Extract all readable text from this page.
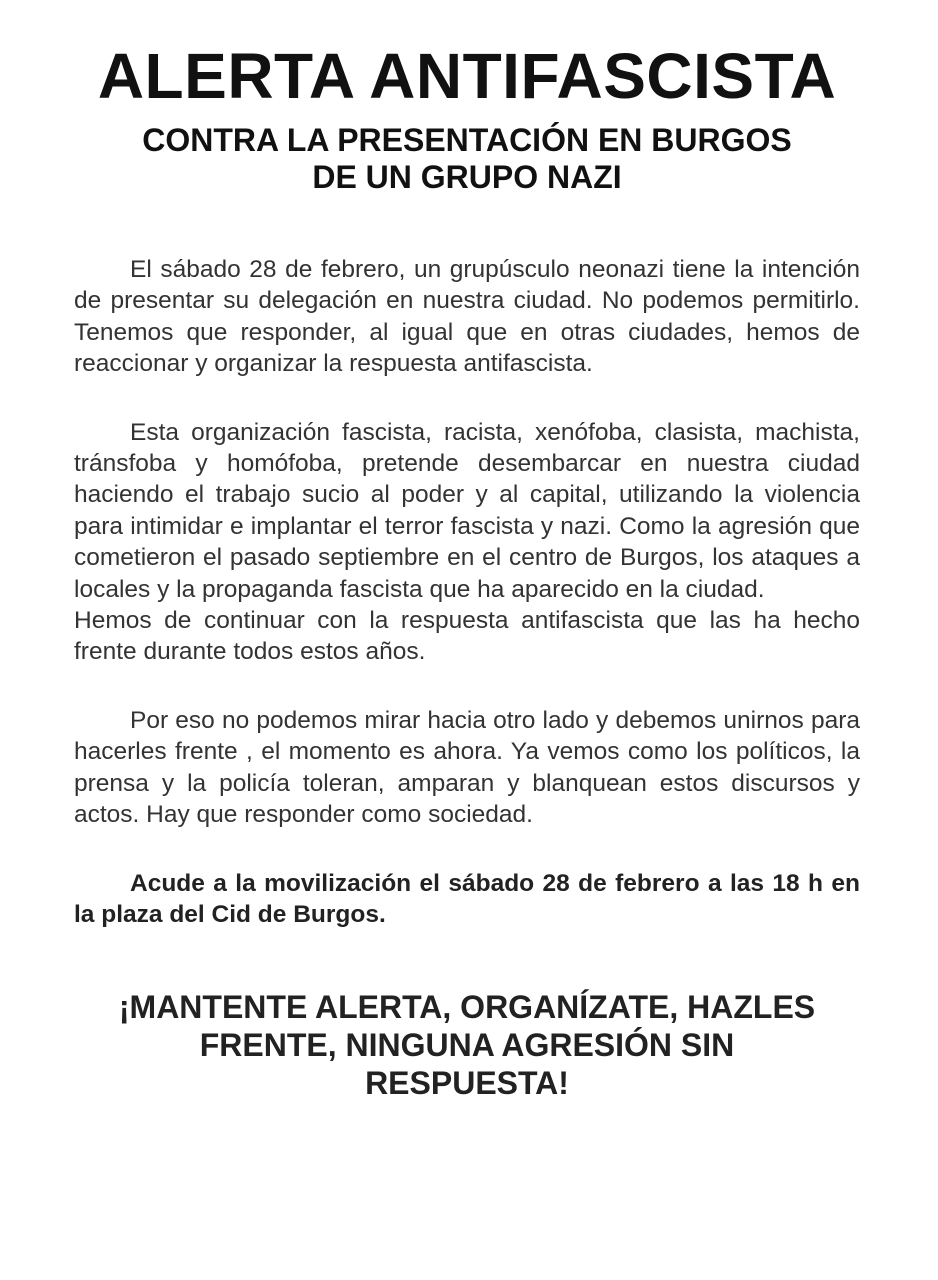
ALERTA ANTIFASCISTA
CONTRA LA PRESENTACIÓN EN BURGOS
DE UN GRUPO NAZI

El sábado 28 de febrero, un grupúsculo neonazi tiene la intención de presentar su delegación en nuestra ciudad. No podemos permitirlo. Tenemos que responder, al igual que en otras ciudades, hemos de reaccionar y organizar la respuesta antifascista.

Esta organización fascista, racista, xenófoba, clasista, machista, tránsfoba y homófoba, pretende desembarcar en nuestra ciudad haciendo el trabajo sucio al poder y al capital, utilizando la violencia para intimidar e implantar el terror fascista y nazi. Como la agresión que cometieron el pasado septiembre en el centro de Burgos, los ataques a locales y la propaganda fascista que ha aparecido en la ciudad.

Hemos de continuar con la respuesta antifascista que las ha hecho frente durante todos estos años.

Por eso no podemos mirar hacia otro lado y debemos unirnos para hacerles frente , el momento es ahora. Ya vemos como los políticos, la prensa y la policía toleran, amparan y blanquean estos discursos y actos. Hay que responder como sociedad.

Acude a la movilización el sábado 28 de febrero a las 18 h en la plaza del Cid de Burgos.

¡MANTENTE ALERTA, ORGANÍZATE, HAZLES
FRENTE, NINGUNA AGRESIÓN SIN
RESPUESTA!
